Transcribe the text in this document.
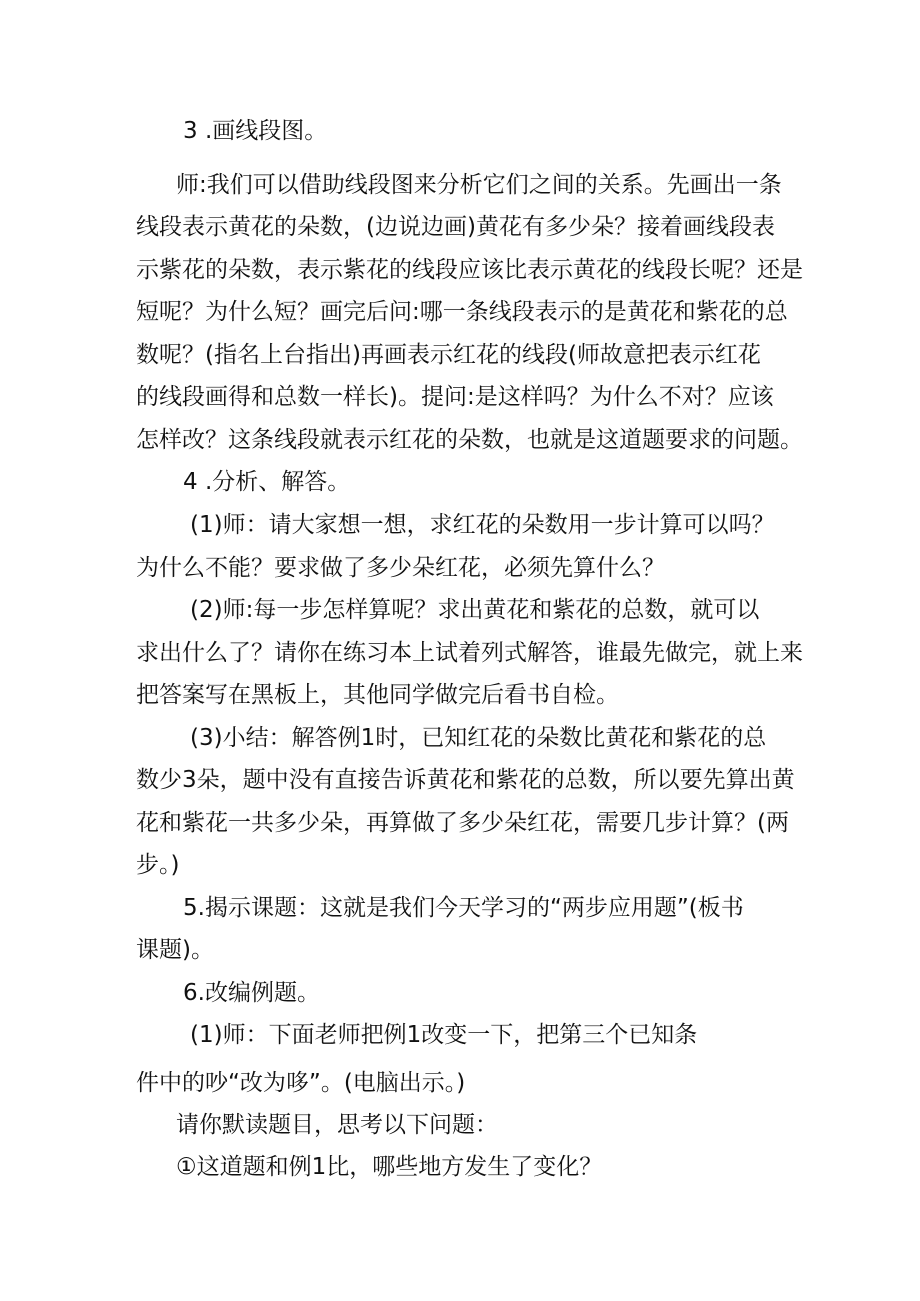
3 .画线段图。
师:我们可以借助线段图来分析它们之间的关系。先画出一条
线段表示黄花的朵数，(边说边画)黄花有多少朵？接着画线段表
示紫花的朵数，表示紫花的线段应该比表示黄花的线段长呢？还是
短呢？为什么短？画完后问:哪一条线段表示的是黄花和紫花的总
数呢？(指名上台指出)再画表示红花的线段(师故意把表示红花
的线段画得和总数一样长)。提问:是这样吗？为什么不对？应该
怎样改？这条线段就表示红花的朵数，也就是这道题要求的问题。
4 .分析、解答。
(1)师：请大家想一想，求红花的朵数用一步计算可以吗？
为什么不能？要求做了多少朵红花，必须先算什么？
(2)师:每一步怎样算呢？求出黄花和紫花的总数，就可以
求出什么了？请你在练习本上试着列式解答，谁最先做完，就上来
把答案写在黑板上，其他同学做完后看书自检。
(3)小结：解答例1时，已知红花的朵数比黄花和紫花的总
数少3朵，题中没有直接告诉黄花和紫花的总数，所以要先算出黄
花和紫花一共多少朵，再算做了多少朵红花，需要几步计算？(两
步。)
5.揭示课题：这就是我们今天学习的“两步应用题”(板书
课题)。
6.改编例题。
(1)师：下面老师把例1改变一下，把第三个已知条
件中的吵“改为哆”。(电脑出示。)
请你默读题目，思考以下问题：
①这道题和例1比，哪些地方发生了变化？
